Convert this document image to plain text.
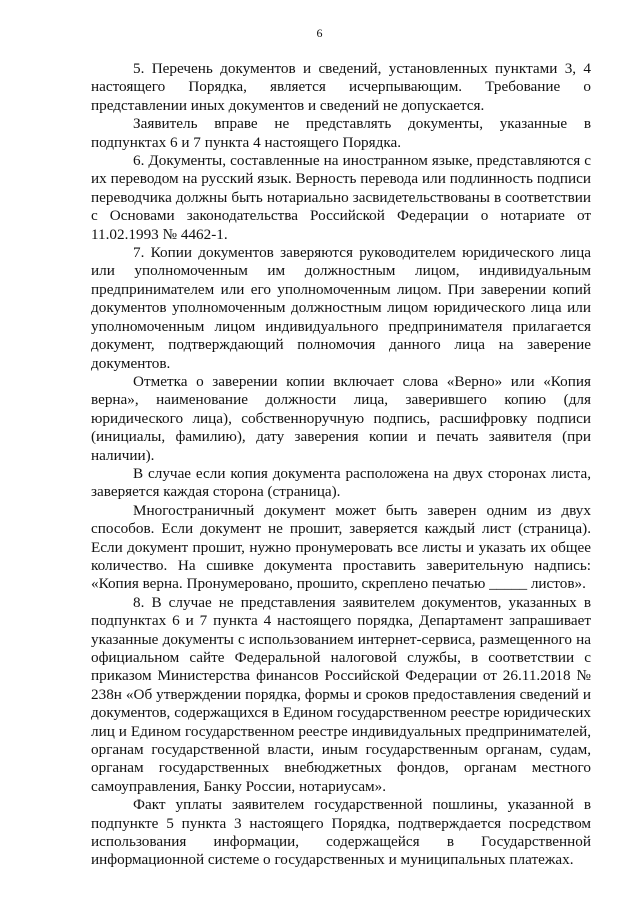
6

5. Перечень документов и сведений, установленных пунктами 3, 4 настоящего Порядка, является исчерпывающим. Требование о представлении иных документов и сведений не допускается.

Заявитель вправе не представлять документы, указанные в подпунктах 6 и 7 пункта 4 настоящего Порядка.

6. Документы, составленные на иностранном языке, представляются с их переводом на русский язык. Верность перевода или подлинность подписи переводчика должны быть нотариально засвидетельствованы в соответствии с Основами законодательства Российской Федерации о нотариате от 11.02.1993 № 4462-1.

7. Копии документов заверяются руководителем юридического лица или уполномоченным им должностным лицом, индивидуальным предпринимателем или его уполномоченным лицом. При заверении копий документов уполномоченным должностным лицом юридического лица или уполномоченным лицом индивидуального предпринимателя прилагается документ, подтверждающий полномочия данного лица на заверение документов.

Отметка о заверении копии включает слова «Верно» или «Копия верна», наименование должности лица, заверившего копию (для юридического лица), собственноручную подпись, расшифровку подписи (инициалы, фамилию), дату заверения копии и печать заявителя (при наличии).

В случае если копия документа расположена на двух сторонах листа, заверяется каждая сторона (страница).

Многостраничный документ может быть заверен одним из двух способов. Если документ не прошит, заверяется каждый лист (страница). Если документ прошит, нужно пронумеровать все листы и указать их общее количество. На сшивке документа проставить заверительную надпись: «Копия верна. Пронумеровано, прошито, скреплено печатью _____ листов».

8. В случае не представления заявителем документов, указанных в подпунктах 6 и 7 пункта 4 настоящего порядка, Департамент запрашивает указанные документы с использованием интернет-сервиса, размещенного на официальном сайте Федеральной налоговой службы, в соответствии с приказом Министерства финансов Российской Федерации от 26.11.2018 № 238н «Об утверждении порядка, формы и сроков предоставления сведений и документов, содержащихся в Едином государственном реестре юридических лиц и Едином государственном реестре индивидуальных предпринимателей, органам государственной власти, иным государственным органам, судам, органам государственных внебюджетных фондов, органам местного самоуправления, Банку России, нотариусам».

Факт уплаты заявителем государственной пошлины, указанной в подпункте 5 пункта 3 настоящего Порядка, подтверждается посредством использования информации, содержащейся в Государственной информационной системе о государственных и муниципальных платежах.
